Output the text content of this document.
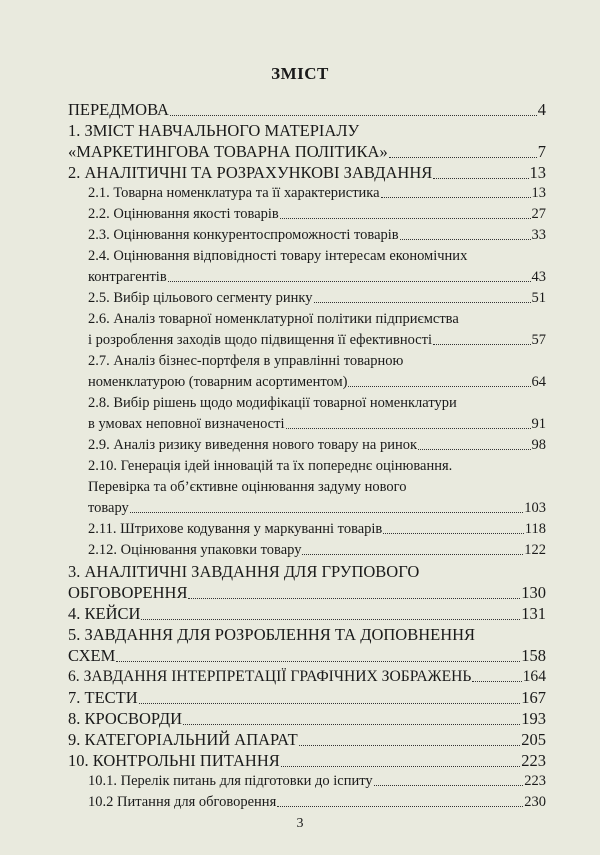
ЗМІСТ
ПЕРЕДМОВА	4
1. ЗМІСТ НАВЧАЛЬНОГО МАТЕРІАЛУ
«МАРКЕТИНГОВА ТОВАРНА ПОЛІТИКА»	7
2. АНАЛІТИЧНІ ТА РОЗРАХУНКОВІ ЗАВДАННЯ	13
2.1. Товарна номенклатура та її характеристика	13
2.2. Оцінювання якості товарів	27
2.3. Оцінювання конкурентоспроможності товарів	33
2.4. Оцінювання відповідності товару інтересам економічних
контрагентів	43
2.5. Вибір цільового сегменту ринку	51
2.6. Аналіз товарної номенклатурної політики підприємства
і розроблення заходів щодо підвищення її ефективності	57
2.7. Аналіз бізнес-портфеля в управлінні товарною
номенклатурою (товарним асортиментом)	64
2.8. Вибір рішень щодо модифікації товарної номенклатури
в умовах неповної визначеності	91
2.9. Аналіз ризику виведення нового товару на ринок	98
2.10. Генерація ідей інновацій та їх попереднє оцінювання.
Перевірка та об’єктивне оцінювання задуму нового
товару	103
2.11. Штрихове кодування у маркуванні товарів	118
2.12. Оцінювання упаковки товару	122
3. АНАЛІТИЧНІ ЗАВДАННЯ ДЛЯ ГРУПОВОГО
ОБГОВОРЕННЯ	130
4. КЕЙСИ	131
5. ЗАВДАННЯ ДЛЯ РОЗРОБЛЕННЯ ТА ДОПОВНЕННЯ
СХЕМ	158
6. ЗАВДАННЯ ІНТЕРПРЕТАЦІЇ ГРАФІЧНИХ ЗОБРАЖЕНЬ	164
7. ТЕСТИ	167
8. КРОСВОРДИ	193
9. КАТЕГОРІАЛЬНИЙ АПАРАТ	205
10. КОНТРОЛЬНІ ПИТАННЯ	223
10.1. Перелік питань для підготовки до іспиту	223
10.2 Питання для обговорення	230
3
